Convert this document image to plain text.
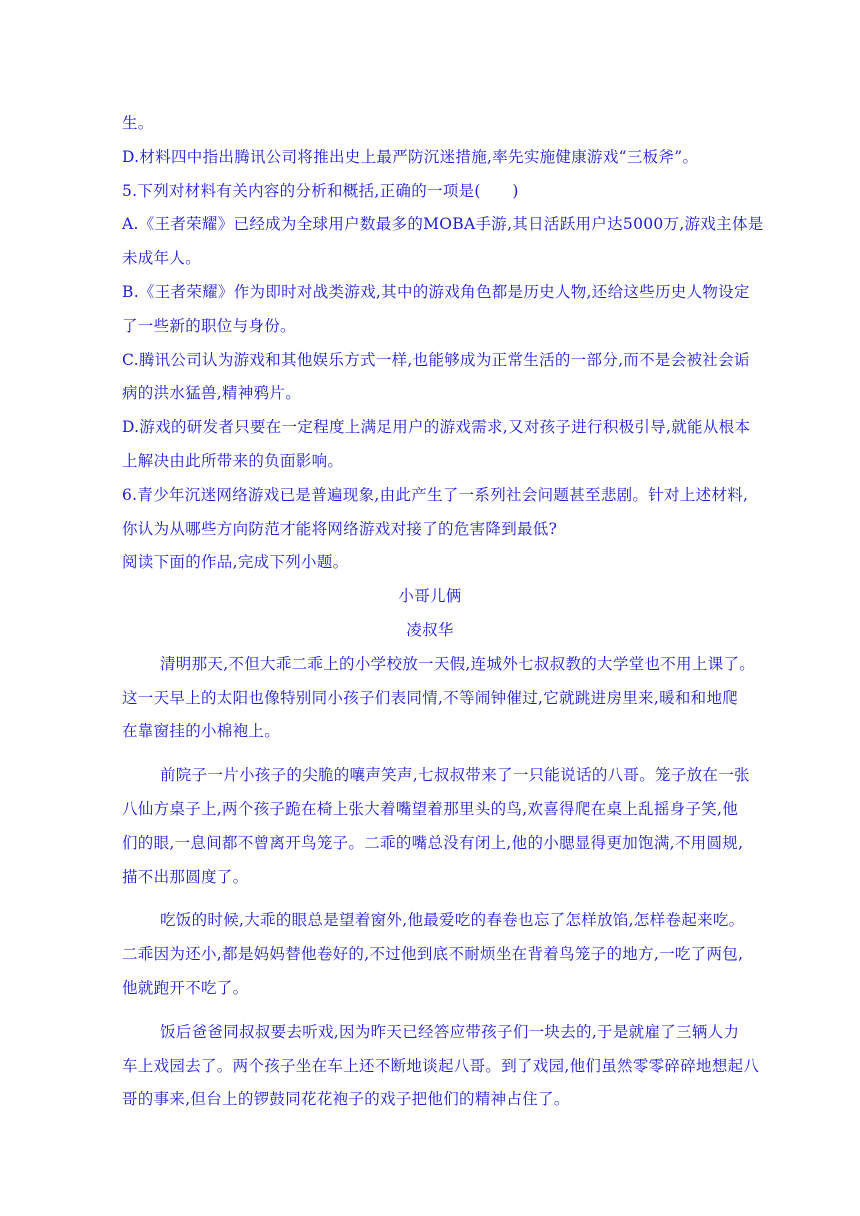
生。
D.材料四中指出腾讯公司将推出史上最严防沉迷措施,率先实施健康游戏“三板斧”。
5.下列对材料有关内容的分析和概括,正确的一项是(　　)
A.《王者荣耀》已经成为全球用户数最多的MOBA手游,其日活跃用户达5000万,游戏主体是
未成年人。
B.《王者荣耀》作为即时对战类游戏,其中的游戏角色都是历史人物,还给这些历史人物设定
了一些新的职位与身份。
C.腾讯公司认为游戏和其他娱乐方式一样,也能够成为正常生活的一部分,而不是会被社会诟
病的洪水猛兽,精神鸦片。
D.游戏的研发者只要在一定程度上满足用户的游戏需求,又对孩子进行积极引导,就能从根本
上解决由此所带来的负面影响。
6.青少年沉迷网络游戏已是普遍现象,由此产生了一系列社会问题甚至悲剧。针对上述材料,
你认为从哪些方向防范才能将网络游戏对接了的危害降到最低?
阅读下面的作品,完成下列小题。
小哥儿俩
凌叔华
清明那天,不但大乖二乖上的小学校放一天假,连城外七叔叔教的大学堂也不用上课了。
这一天早上的太阳也像特别同小孩子们表同情,不等闹钟催过,它就跳进房里来,暖和和地爬
在靠窗挂的小棉袍上。
前院子一片小孩子的尖脆的嚷声笑声,七叔叔带来了一只能说话的八哥。笼子放在一张
八仙方桌子上,两个孩子跪在椅上张大着嘴望着那里头的鸟,欢喜得爬在桌上乱摇身子笑,他
们的眼,一息间都不曾离开鸟笼子。二乖的嘴总没有闭上,他的小腮显得更加饱满,不用圆规,
描不出那圆度了。
吃饭的时候,大乖的眼总是望着窗外,他最爱吃的春卷也忘了怎样放馅,怎样卷起来吃。
二乖因为还小,都是妈妈替他卷好的,不过他到底不耐烦坐在背着鸟笼子的地方,一吃了两包,
他就跑开不吃了。
饭后爸爸同叔叔要去听戏,因为昨天已经答应带孩子们一块去的,于是就雇了三辆人力
车上戏园去了。两个孩子坐在车上还不断地谈起八哥。到了戏园,他们虽然零零碎碎地想起八
哥的事来,但台上的锣鼓同花花袍子的戏子把他们的精神占住了。
